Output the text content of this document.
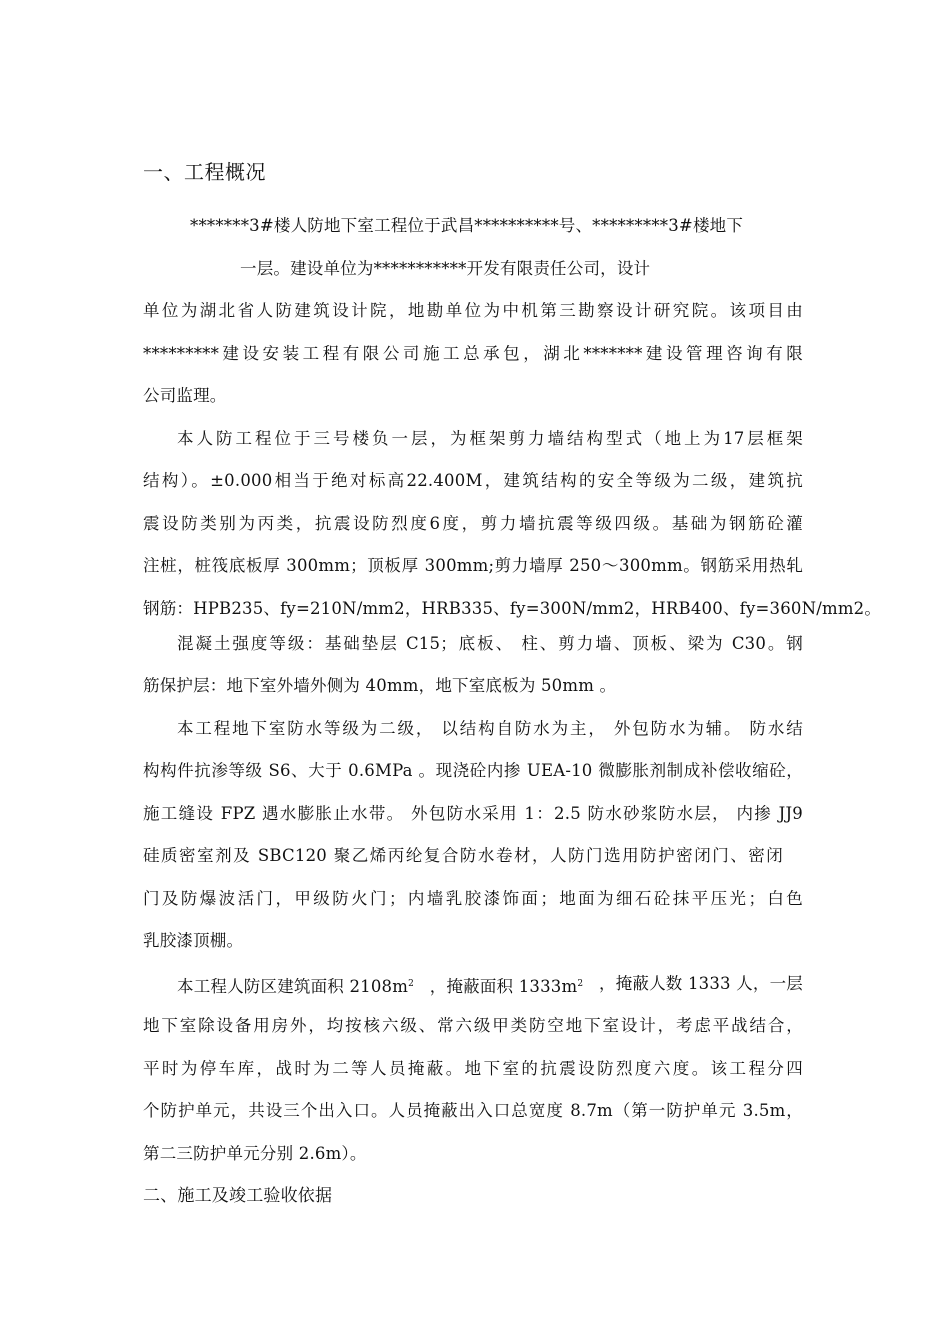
一、工程概况
*******3#楼人防地下室工程位于武昌**********号、*********3#楼地下
一层。建设单位为***********开发有限责任公司，设计
单位为湖北省人防建筑设计院，地勘单位为中机第三勘察设计研究院。该项目由
*********建设安装工程有限公司施工总承包，湖北*******建设管理咨询有限
公司监理。
本人防工程位于三号楼负一层，为框架剪力墙结构型式（地上为17层框架
结构）。±0.000相当于绝对标高22.400M，建筑结构的安全等级为二级，建筑抗
震设防类别为丙类，抗震设防烈度6度，剪力墙抗震等级四级。基础为钢筋砼灌
注桩，桩筏底板厚 300mm；顶板厚 300mm;剪力墙厚 250～300mm。钢筋采用热轧
钢筋：HPB235、fy=210N/mm2，HRB335、fy=300N/mm2，HRB400、fy=360N/mm2。
混凝土强度等级：基础垫层 C15；底板、 柱、剪力墙、顶板、梁为 C30。钢
筋保护层：地下室外墙外侧为 40mm，地下室底板为 50mm 。
本工程地下室防水等级为二级， 以结构自防水为主， 外包防水为辅。 防水结
构构件抗渗等级 S6、大于 0.6MPa 。现浇砼内掺 UEA-10 微膨胀剂制成补偿收缩砼，
施工缝设 FPZ 遇水膨胀止水带。 外包防水采用 1：2.5 防水砂浆防水层， 内掺 JJ9
硅质密室剂及 SBC120 聚乙烯丙纶复合防水卷材，人防门选用防护密闭门、密闭
门及防爆波活门，甲级防火门；内墙乳胶漆饰面；地面为细石砼抹平压光；白色
乳胶漆顶棚。
本工程人防区建筑面积 $2108m^2$ ，掩蔽面积 $1333m^2$ ，掩蔽人数 1333 人，一层
地下室除设备用房外，均按核六级、常六级甲类防空地下室设计，考虑平战结合，
平时为停车库，战时为二等人员掩蔽。地下室的抗震设防烈度六度。该工程分四
个防护单元，共设三个出入口。人员掩蔽出入口总宽度 8.7m（第一防护单元 3.5m，
第二三防护单元分别 2.6m）。
二、施工及竣工验收依据
